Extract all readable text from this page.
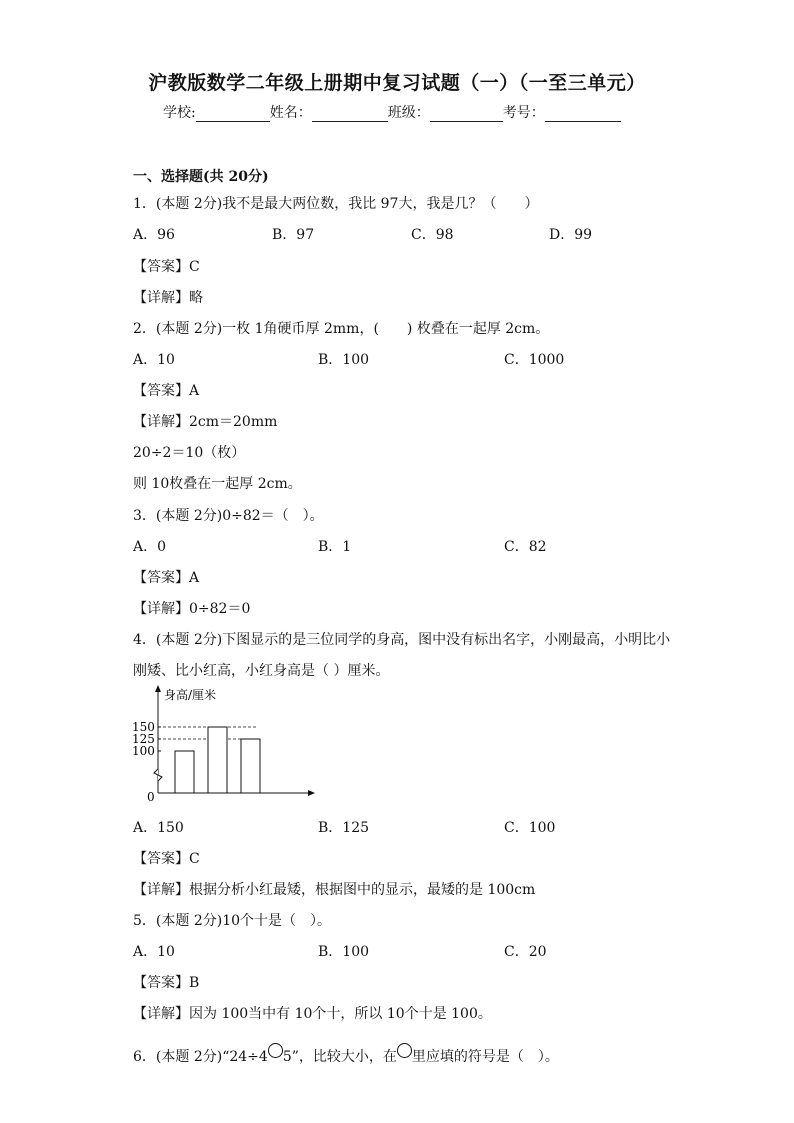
沪教版数学二年级上册期中复习试题（一）（一至三单元）
学校:	姓名：	班级：	考号：
一、选择题(共 20分)
1．(本题 2分)我不是最大两位数，我比 97大，我是几？（　　）
A．96	B．97	C．98	D．99
【答案】C
【详解】略
2．(本题 2分)一枚 1角硬币厚 2mm，(　　) 枚叠在一起厚 2cm。
A．10	B．100	C．1000
【答案】A
【详解】2cm＝20mm
20÷2＝10（枚）
则 10枚叠在一起厚 2cm。
3．(本题 2分)0÷82＝（　）。
A．0	B．1	C．82
【答案】A
【详解】0÷82＝0
4．(本题 2分)下图显示的是三位同学的身高，图中没有标出名字，小刚最高，小明比小
刚矮、比小红高，小红身高是（ ）厘米。
身高/厘米
0
100
125
150
A．150	B．125	C．100
【答案】C
【详解】根据分析小红最矮，根据图中的显示，最矮的是 100cm
5．(本题 2分)10个十是（　）。
A．10	B．100	C．20
【答案】B
【详解】因为 100当中有 10个十，所以 10个十是 100。
6．(本题 2分)“24÷4 5”，比较大小，在 里应填的符号是（　）。
